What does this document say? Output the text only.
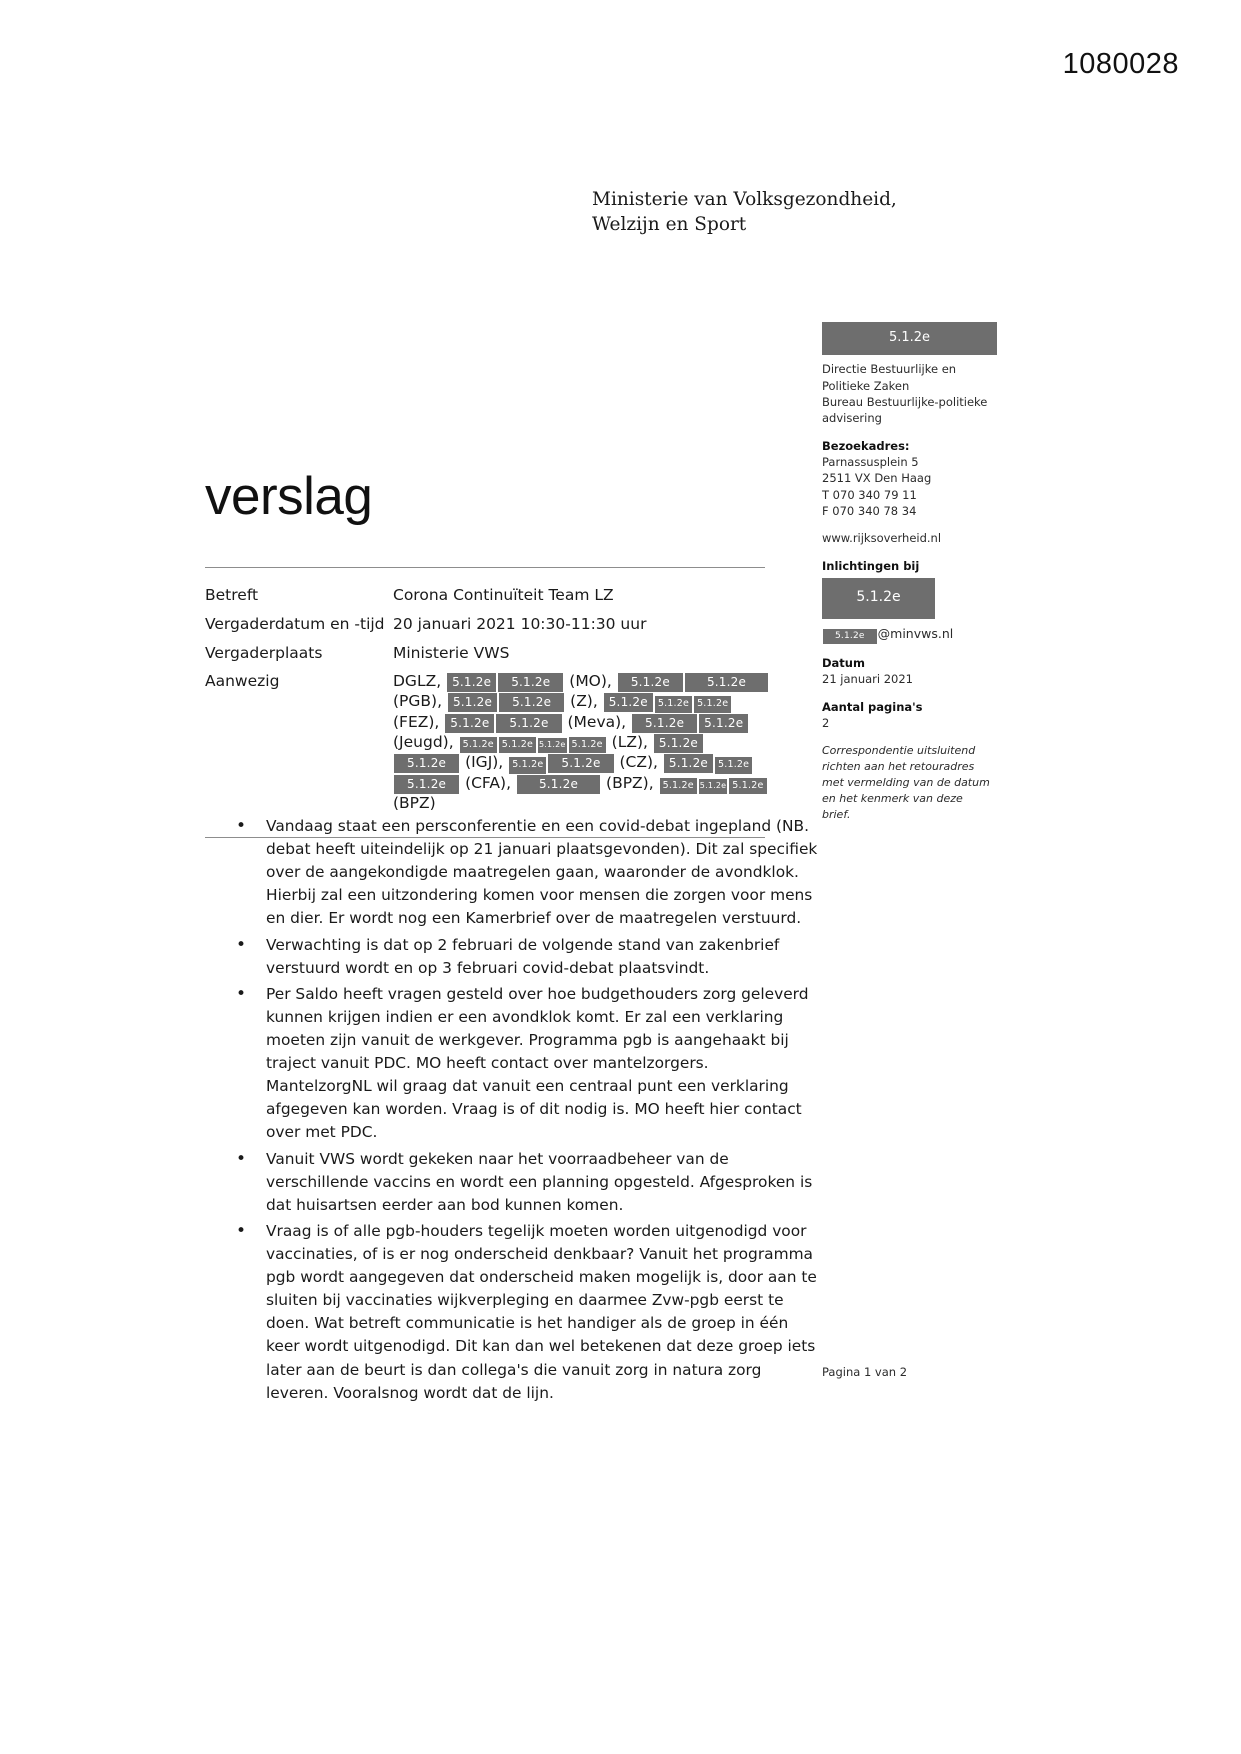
1080028
Ministerie van Volksgezondheid,
Welzijn en Sport
5.1.2e
Directie Bestuurlijke en
Politieke Zaken
Bureau Bestuurlijke-politieke
advisering
Bezoekadres:
Parnassusplein 5
2511 VX Den Haag
T 070 340 79 11
F 070 340 78 34
www.rijksoverheid.nl
Inlichtingen bij
5.1.2e
5.1.2e @minvws.nl
Datum
21 januari 2021
Aantal pagina's
2
Correspondentie uitsluitend
richten aan het retouradres
met vermelding van de datum
en het kenmerk van deze
brief.
verslag
Betreft	Corona Continuïteit Team LZ
Vergaderdatum en -tijd	20 januari 2021 10:30-11:30 uur
Vergaderplaats	Ministerie VWS
Aanwezig	DGLZ, 5.1.2e 5.1.2e (MO), 5.1.2e 5.1.2e (PGB), 5.1.2e 5.1.2e (Z), 5.1.2e 5.1.2e 5.1.2e (FEZ), 5.1.2e 5.1.2e (Meva), 5.1.2e 5.1.2e (Jeugd), 5.1.2e 5.1.2e 5.1.2e 5.1.2e (LZ), 5.1.2e5.1.2e (IGJ), 5.1.2e 5.1.2e (CZ), 5.1.2e 5.1.2e5.1.2e (CFA), 5.1.2e (BPZ), 5.1.2e 5.1.2e 5.1.2e (BPZ)
• Vandaag staat een persconferentie en een covid-debat ingepland (NB. debat heeft uiteindelijk op 21 januari plaatsgevonden). Dit zal specifiek over de aangekondigde maatregelen gaan, waaronder de avondklok. Hierbij zal een uitzondering komen voor mensen die zorgen voor mens en dier. Er wordt nog een Kamerbrief over de maatregelen verstuurd.
• Verwachting is dat op 2 februari de volgende stand van zakenbrief verstuurd wordt en op 3 februari covid-debat plaatsvindt.
• Per Saldo heeft vragen gesteld over hoe budgethouders zorg geleverd kunnen krijgen indien er een avondklok komt. Er zal een verklaring moeten zijn vanuit de werkgever. Programma pgb is aangehaakt bij traject vanuit PDC. MO heeft contact over mantelzorgers. MantelzorgNL wil graag dat vanuit een centraal punt een verklaring afgegeven kan worden. Vraag is of dit nodig is. MO heeft hier contact over met PDC.
• Vanuit VWS wordt gekeken naar het voorraadbeheer van de verschillende vaccins en wordt een planning opgesteld. Afgesproken is dat huisartsen eerder aan bod kunnen komen.
• Vraag is of alle pgb-houders tegelijk moeten worden uitgenodigd voor vaccinaties, of is er nog onderscheid denkbaar? Vanuit het programma pgb wordt aangegeven dat onderscheid maken mogelijk is, door aan te sluiten bij vaccinaties wijkverpleging en daarmee Zvw-pgb eerst te doen. Wat betreft communicatie is het handiger als de groep in één keer wordt uitgenodigd. Dit kan dan wel betekenen dat deze groep iets later aan de beurt is dan collega's die vanuit zorg in natura zorg leveren. Vooralsnog wordt dat de lijn.
Pagina 1 van 2
